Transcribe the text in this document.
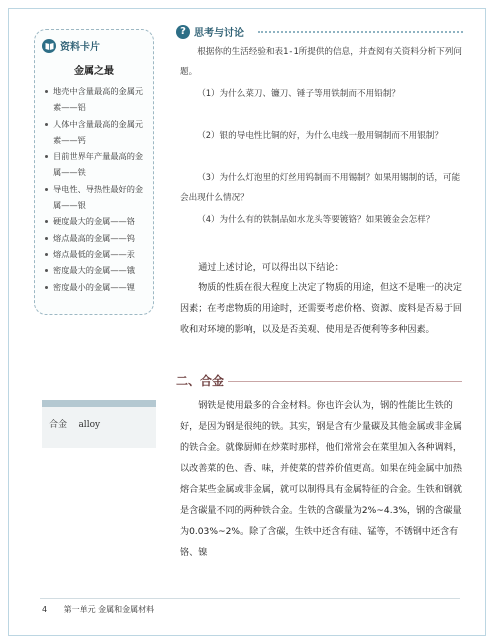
资料卡片
金属之最
地壳中含量最高的金属元素——铝
人体中含量最高的金属元素——钙
目前世界年产量最高的金属——铁
导电性、导热性最好的金属——银
硬度最大的金属——铬
熔点最高的金属——钨
熔点最低的金属——汞
密度最大的金属——锇
密度最小的金属——锂
合金    alloy
? 思考与讨论

根据你的生活经验和表1-1所提供的信息，并查阅有关资料分析下列问题。

（1）为什么菜刀、镰刀、锤子等用铁制而不用铅制？

（2）银的导电性比铜的好，为什么电线一般用铜制而不用银制？

（3）为什么灯泡里的灯丝用钨制而不用锡制？如果用锡制的话，可能会出现什么情况？

（4）为什么有的铁制品如水龙头等要镀铬？如果镀金会怎样？

通过上述讨论，可以得出以下结论：

物质的性质在很大程度上决定了物质的用途，但这不是唯一的决定因素；在考虑物质的用途时，还需要考虑价格、资源、废料是否易于回收和对环境的影响，以及是否美观、使用是否便利等多种因素。

二、合金

钢铁是使用最多的合金材料。你也许会认为，钢的性能比生铁的好，是因为钢是很纯的铁。其实，钢是含有少量碳及其他金属或非金属的铁合金。就像厨师在炒菜时那样，他们常常会在菜里加入各种调料，以改善菜的色、香、味，并使菜的营养价值更高。如果在纯金属中加热熔合某些金属或非金属，就可以制得具有金属特征的合金。生铁和钢就是含碳量不同的两种铁合金。生铁的含碳量为2%~4.3%，钢的含碳量为0.03%~2%。除了含碳，生铁中还含有硅、锰等，不锈钢中还含有铬、镍

4 第一单元 金属和金属材料
